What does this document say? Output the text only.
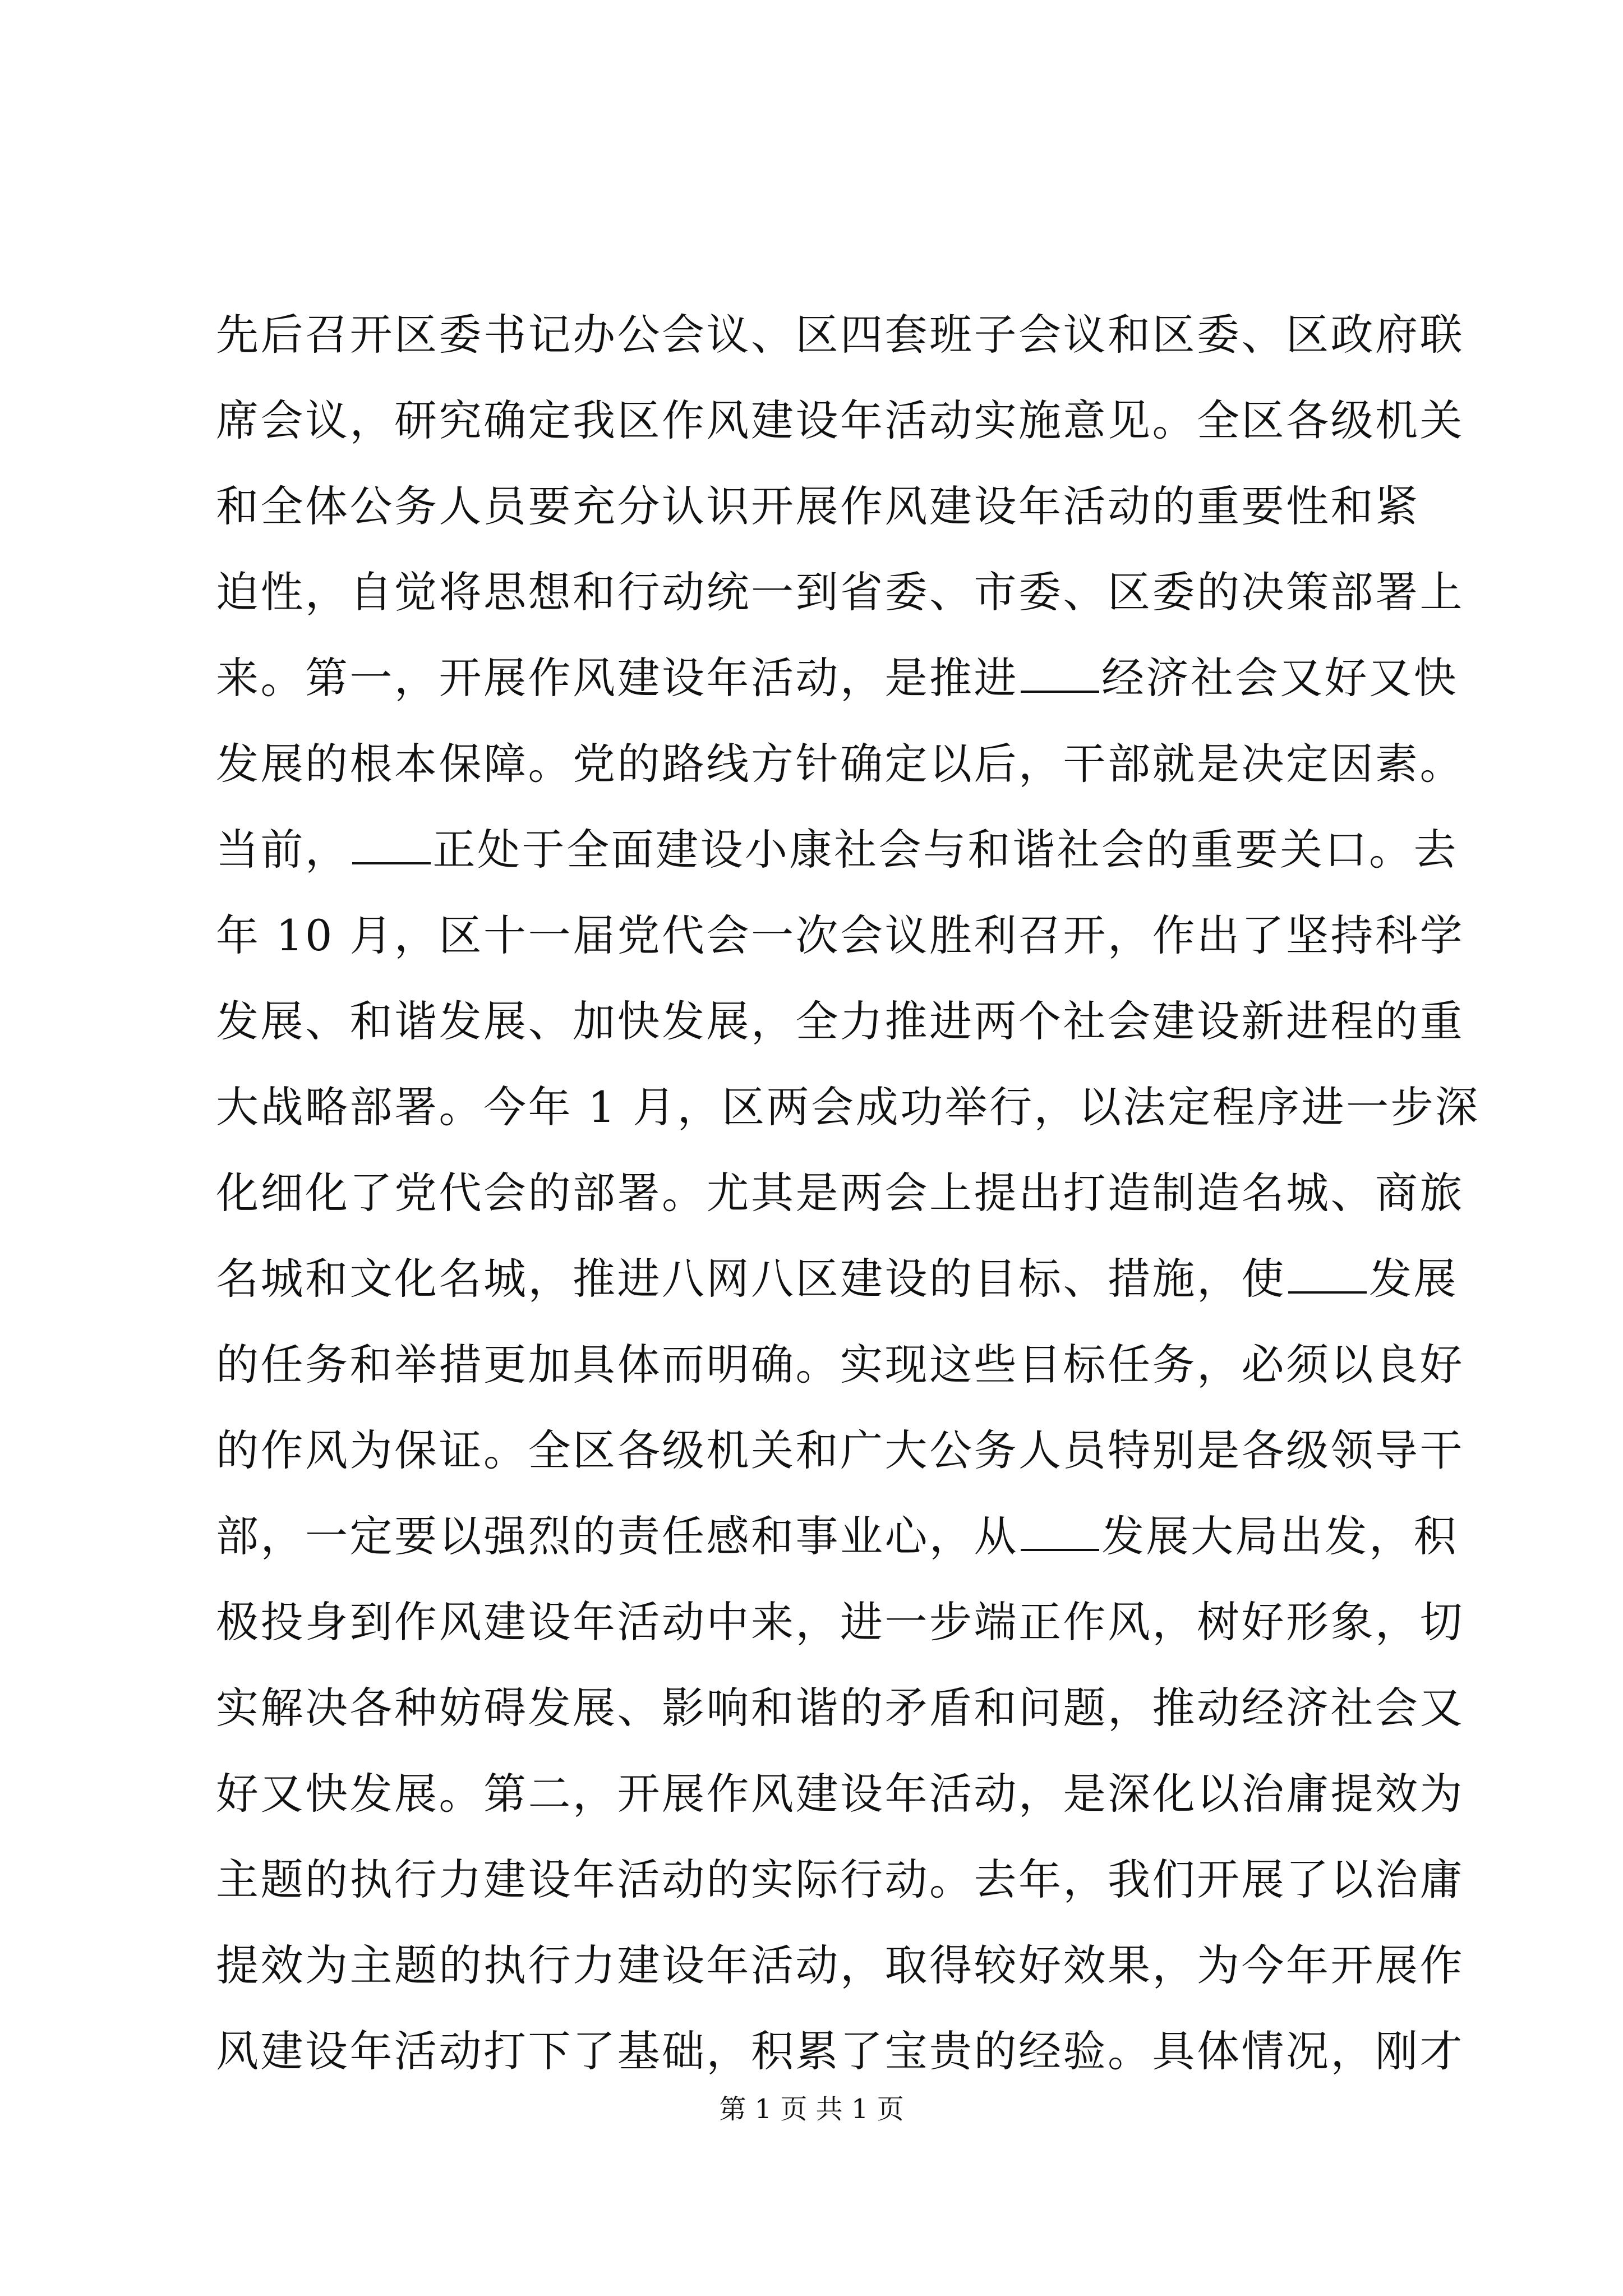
先后召开区委书记办公会议、区四套班子会议和区委、区政府联
席会议，研究确定我区作风建设年活动实施意见。全区各级机关
和全体公务人员要充分认识开展作风建设年活动的重要性和紧
迫性，自觉将思想和行动统一到省委、市委、区委的决策部署上
来。第一，开展作风建设年活动，是推进 经济社会又好又快
发展的根本保障。党的路线方针确定以后，干部就是决定因素。
当前， 正处于全面建设小康社会与和谐社会的重要关口。去
年 10 月，区十一届党代会一次会议胜利召开，作出了坚持科学
发展、和谐发展、加快发展，全力推进两个社会建设新进程的重
大战略部署。今年 1 月，区两会成功举行，以法定程序进一步深
化细化了党代会的部署。尤其是两会上提出打造制造名城、商旅
名城和文化名城，推进八网八区建设的目标、措施，使 发展
的任务和举措更加具体而明确。实现这些目标任务，必须以良好
的作风为保证。全区各级机关和广大公务人员特别是各级领导干
部，一定要以强烈的责任感和事业心，从 发展大局出发，积
极投身到作风建设年活动中来，进一步端正作风，树好形象，切
实解决各种妨碍发展、影响和谐的矛盾和问题，推动经济社会又
好又快发展。第二，开展作风建设年活动，是深化以治庸提效为
主题的执行力建设年活动的实际行动。去年，我们开展了以治庸
提效为主题的执行力建设年活动，取得较好效果，为今年开展作
风建设年活动打下了基础，积累了宝贵的经验。具体情况，刚才
第 1 页 共 1 页
